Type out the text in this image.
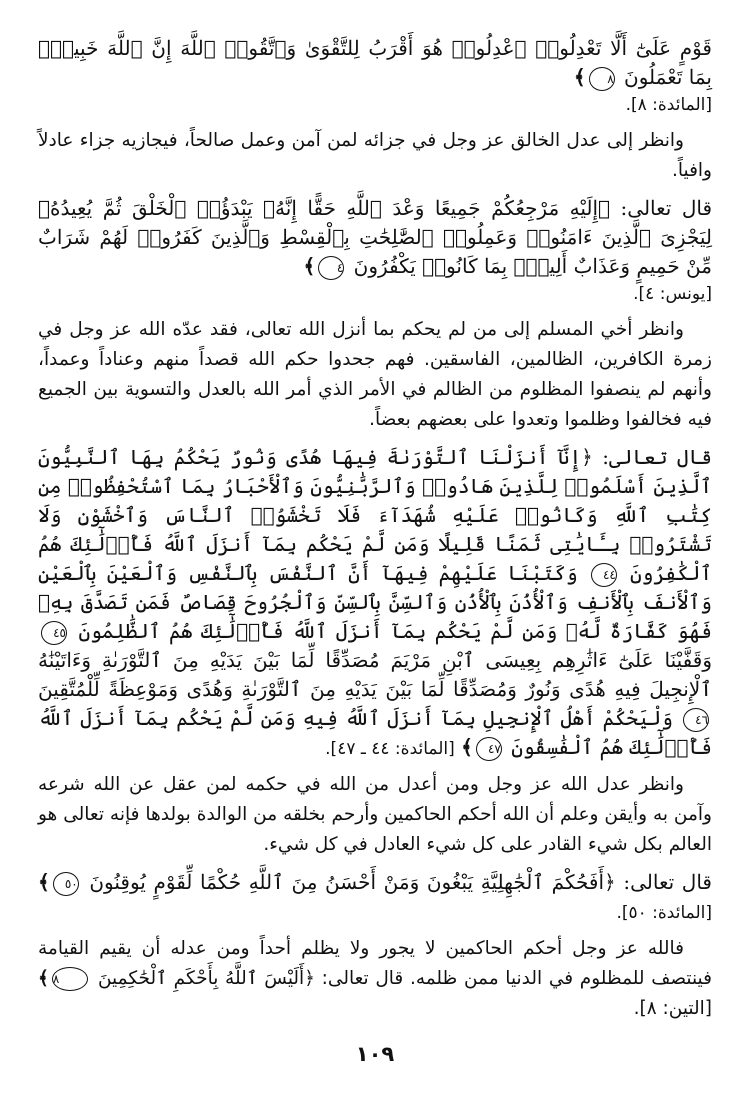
قَوْمٍ عَلَىٰٓ أَلَّا تَعْدِلُوا۟ ٱعْدِلُوا۟ هُوَ أَقْرَبُ لِلتَّقْوَىٰ وَٱتَّقُوا۟ ٱللَّهَ إِنَّ ٱللَّهَ خَبِيرٌۢ بِمَا تَعْمَلُونَ ٨﴾

[المائدة: ٨].

وانظر إلى عدل الخالق عز وجل في جزائه لمن آمن وعمل صالحاً، فيجازيه جزاء عادلاً وافياً.

قال تعالى: ﴿إِلَيْهِ مَرْجِعُكُمْ جَمِيعًا وَعْدَ ٱللَّهِ حَقًّا إِنَّهُۥ يَبْدَؤُا۟ ٱلْخَلْقَ ثُمَّ يُعِيدُهُۥ لِيَجْزِىَ ٱلَّذِينَ ءَامَنُوا۟ وَعَمِلُوا۟ ٱلصَّٰلِحَٰتِ بِٱلْقِسْطِ وَٱلَّذِينَ كَفَرُوا۟ لَهُمْ شَرَابٌ مِّنْ حَمِيمٍ وَعَذَابٌ أَلِيمٌۢ بِمَا كَانُوا۟ يَكْفُرُونَ ٤﴾

[يونس: ٤].

وانظر أخي المسلم إلى من لم يحكم بما أنزل الله تعالى، فقد عدّه الله عز وجل في زمرة الكافرين، الظالمين، الفاسقين. فهم جحدوا حكم الله قصداً منهم وعناداً وعمداً، وأنهم لم ينصفوا المظلوم من الظالم في الأمر الذي أمر الله بالعدل والتسوية بين الجميع فيه فخالفوا وظلموا وتعدوا على بعضهم بعضاً.

قال تعالى: ﴿إِنَّآ أَنزَلْنَا ٱلتَّوْرَىٰةَ فِيهَا هُدًى وَنُورٌ يَحْكُمُ بِهَا ٱلنَّبِيُّونَ ٱلَّذِينَ أَسْلَمُوا۟ لِلَّذِينَ هَادُوا۟ وَٱلرَّبَّٰنِيُّونَ وَٱلْأَحْبَارُ بِمَا ٱسْتُحْفِظُوا۟ مِن كِتَٰبِ ٱللَّهِ وَكَانُوا۟ عَلَيْهِ شُهَدَآءَ فَلَا تَخْشَوُا۟ ٱلنَّاسَ وَٱخْشَوْنِ وَلَا تَشْتَرُوا۟ بِـَٔايَٰتِى ثَمَنًا قَلِيلًا وَمَن لَّمْ يَحْكُم بِمَآ أَنزَلَ ٱللَّهُ فَأُو۟لَٰٓئِكَ هُمُ ٱلْكَٰفِرُونَ ٤٤ وَكَتَبْنَا عَلَيْهِمْ فِيهَآ أَنَّ ٱلنَّفْسَ بِٱلنَّفْسِ وَٱلْعَيْنَ بِٱلْعَيْنِ وَٱلْأَنفَ بِٱلْأَنفِ وَٱلْأُذُنَ بِٱلْأُذُنِ وَٱلسِّنَّ بِٱلسِّنِّ وَٱلْجُرُوحَ قِصَاصٌ فَمَن تَصَدَّقَ بِهِۦ فَهُوَ كَفَّارَةٌ لَّهُۥ وَمَن لَّمْ يَحْكُم بِمَآ أَنزَلَ ٱللَّهُ فَأُو۟لَٰٓئِكَ هُمُ ٱلظَّٰلِمُونَ ٤٥ وَقَفَّيْنَا عَلَىٰٓ ءَاثَٰرِهِم بِعِيسَى ٱبْنِ مَرْيَمَ مُصَدِّقًا لِّمَا بَيْنَ يَدَيْهِ مِنَ ٱلتَّوْرَىٰةِ وَءَاتَيْنَٰهُ ٱلْإِنجِيلَ فِيهِ هُدًى وَنُورٌ وَمُصَدِّقًا لِّمَا بَيْنَ يَدَيْهِ مِنَ ٱلتَّوْرَىٰةِ وَهُدًى وَمَوْعِظَةً لِّلْمُتَّقِينَ ٤٦ وَلْيَحْكُمْ أَهْلُ ٱلْإِنجِيلِ بِمَآ أَنزَلَ ٱللَّهُ فِيهِ وَمَن لَّمْ يَحْكُم بِمَآ أَنزَلَ ٱللَّهُ فَأُو۟لَٰٓئِكَ هُمُ ٱلْفَٰسِقُونَ ٤٧﴾ [المائدة: ٤٤ ـ ٤٧].

وانظر عدل الله عز وجل ومن أعدل من الله في حكمه لمن عقل عن الله شرعه وآمن به وأيقن وعلم أن الله أحكم الحاكمين وأرحم بخلقه من الوالدة بولدها فإنه تعالى هو العالم بكل شيء القادر على كل شيء العادل في كل شيء.

قال تعالى: ﴿أَفَحُكْمَ ٱلْجَٰهِلِيَّةِ يَبْغُونَ وَمَنْ أَحْسَنُ مِنَ ٱللَّهِ حُكْمًا لِّقَوْمٍ يُوقِنُونَ ٥٠﴾ [المائدة: ٥٠].

فالله عز وجل أحكم الحاكمين لا يجور ولا يظلم أحداً ومن عدله أن يقيم القيامة فينتصف للمظلوم في الدنيا ممن ظلمه. قال تعالى: ﴿أَلَيْسَ ٱللَّهُ بِأَحْكَمِ ٱلْحَٰكِمِينَ ٨﴾ [التين: ٨].

١٠٩
